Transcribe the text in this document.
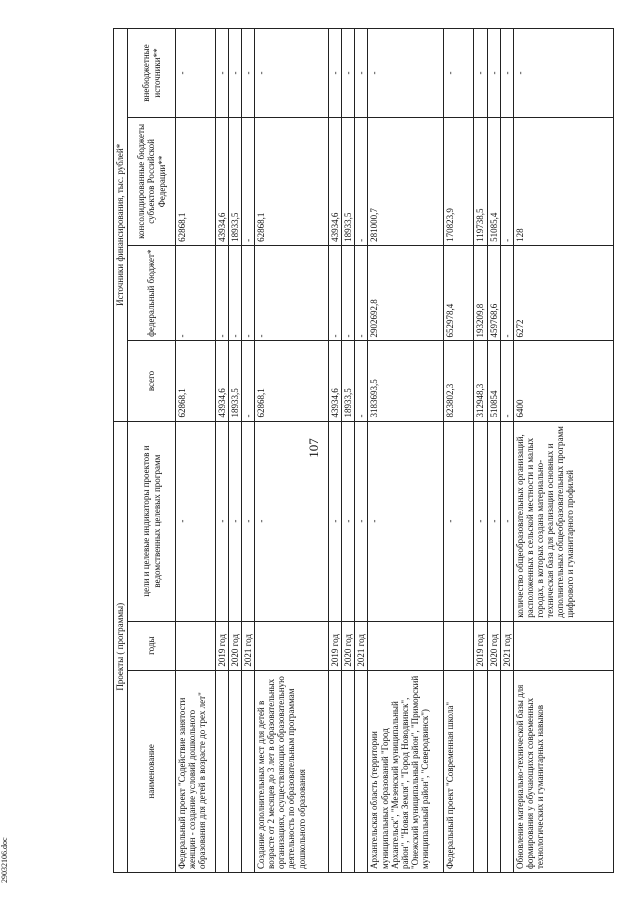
107
29032106.doc
Проекты ( программы)			Источники финансирования, тыс. рублей*			
наименование	годы	цели и целевые индикаторы проектов и ведомственных целевых программ	всего	федеральный бюджет*	консолидированные бюджеты субъектов Российской Федерации**	внебюджетные источники**
Федеральный проект "Содействие занятости женщин - создание условий дошкольного образования для детей в возрасте до трех лет"		-	62868,1	-	62868,1	-
	2019 год	-	43934,6	-	43934,6	-
	2020 год	-	18933,5	-	18933,5	-
	2021 год	-	-	-	-	-
Создание дополнительных мест для детей в возрасте от 2 месяцев до 3 лет в образовательных организациях, осуществляющих образовательную деятельность по образовательным программам дошкольного образования		-	62868,1	-	62868,1	-
	2019 год	-	43934,6	-	43934,6	-
	2020 год	-	18933,5	-	18933,5	-
	2021 год	-	-	-	-	-
Архангельская область (территории муниципальных образований "Город Архангельск", "Мезенский муниципальный район", "Новая Земля", "Город Новодвинск", "Онежский муниципальный район", "Приморский муниципальный район", "Северодвинск")		-	3183693,5	2902692,8	281000,7	-
Федеральный проект "Современная школа"		-	823802,3	652978,4	170823,9	-
	2019 год	-	312948,3	193209,8	119738,5	-
	2020 год	-	510854	459768,6	51085,4	-
	2021 год	-	-	-	-	-
Обновление материально-технической базы для формирования у обучающихся современных технологических и гуманитарных навыков		количество общеобразовательных организаций, расположенных в сельской местности и малых городах, в которых создана материально-техническая база для реализации основных и дополнительных общеобразовательных программ цифрового и гуманитарного профилей	6400	6272	128	-
